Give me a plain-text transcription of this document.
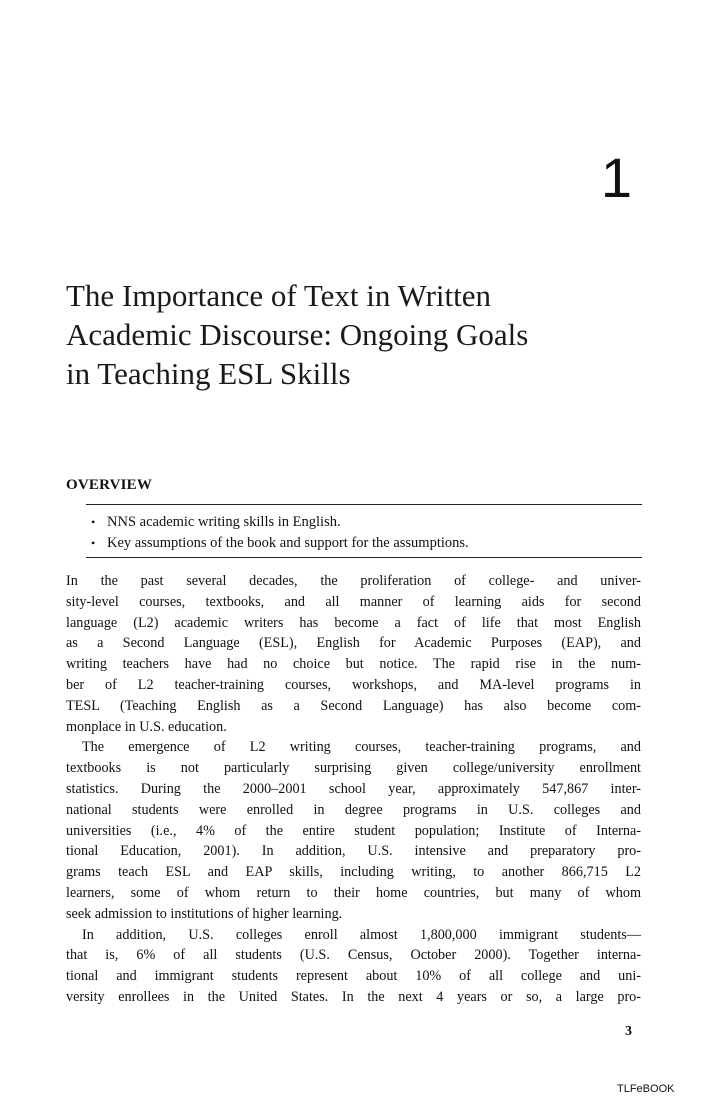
1
The Importance of Text in Written
Academic Discourse: Ongoing Goals
in Teaching ESL Skills
OVERVIEW
• NNS academic writing skills in English.
• Key assumptions of the book and support for the assumptions.
In the past several decades, the proliferation of college- and univer-
sity-level courses, textbooks, and all manner of learning aids for second
language (L2) academic writers has become a fact of life that most English
as a Second Language (ESL), English for Academic Purposes (EAP), and
writing teachers have had no choice but notice. The rapid rise in the num-
ber of L2 teacher-training courses, workshops, and MA-level programs in
TESL (Teaching English as a Second Language) has also become com-
monplace in U.S. education.
The emergence of L2 writing courses, teacher-training programs, and
textbooks is not particularly surprising given college/university enrollment
statistics. During the 2000–2001 school year, approximately 547,867 inter-
national students were enrolled in degree programs in U.S. colleges and
universities (i.e., 4% of the entire student population; Institute of Interna-
tional Education, 2001). In addition, U.S. intensive and preparatory pro-
grams teach ESL and EAP skills, including writing, to another 866,715 L2
learners, some of whom return to their home countries, but many of whom
seek admission to institutions of higher learning.
In addition, U.S. colleges enroll almost 1,800,000 immigrant students—
that is, 6% of all students (U.S. Census, October 2000). Together interna-
tional and immigrant students represent about 10% of all college and uni-
versity enrollees in the United States. In the next 4 years or so, a large pro-
3
TLFeBOOK
